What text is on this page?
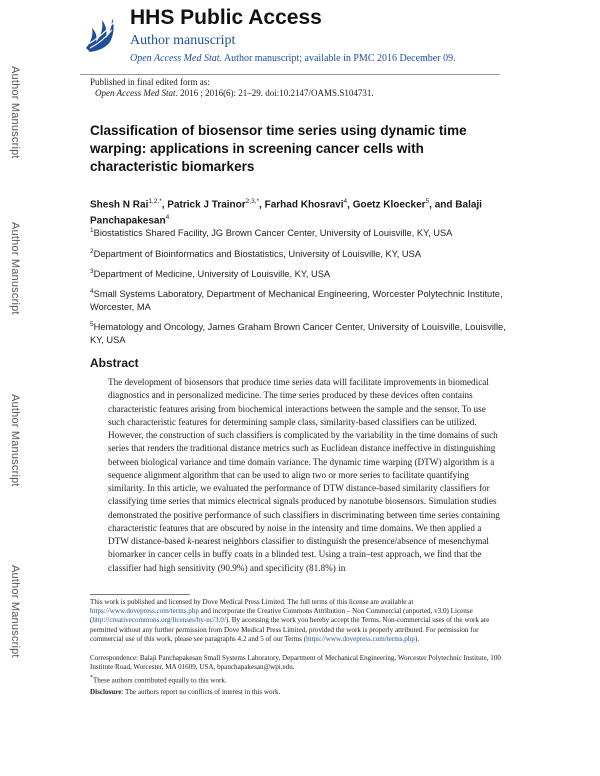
Author Manuscript
Author Manuscript
Author Manuscript
Author Manuscript
HHS Public Access
Author manuscript
Open Access Med Stat. Author manuscript; available in PMC 2016 December 09.
Published in final edited form as:
Open Access Med Stat. 2016 ; 2016(6): 21–29. doi:10.2147/OAMS.S104731.
Classification of biosensor time series using dynamic time warping: applications in screening cancer cells with characteristic biomarkers
Shesh N Rai$^{1,2,*}$, Patrick J Trainor$^{2,3,*}$, Farhad Khosravi$^4$, Goetz Kloecker$^5$, and Balaji Panchapakesan$^4$
$^1$Biostatistics Shared Facility, JG Brown Cancer Center, University of Louisville, KY, USA
$^2$Department of Bioinformatics and Biostatistics, University of Louisville, KY, USA
$^3$Department of Medicine, University of Louisville, KY, USA
$^4$Small Systems Laboratory, Department of Mechanical Engineering, Worcester Polytechnic Institute, Worcester, MA
$^5$Hematology and Oncology, James Graham Brown Cancer Center, University of Louisville, Louisville, KY, USA
Abstract
The development of biosensors that produce time series data will facilitate improvements in biomedical diagnostics and in personalized medicine. The time series produced by these devices often contains characteristic features arising from biochemical interactions between the sample and the sensor. To use such characteristic features for determining sample class, similarity-based classifiers can be utilized. However, the construction of such classifiers is complicated by the variability in the time domains of such series that renders the traditional distance metrics such as Euclidean distance ineffective in distinguishing between biological variance and time domain variance. The dynamic time warping (DTW) algorithm is a sequence alignment algorithm that can be used to align two or more series to facilitate quantifying similarity. In this article, we evaluated the performance of DTW distance-based similarity classifiers for classifying time series that mimics electrical signals produced by nanotube biosensors. Simulation studies demonstrated the positive performance of such classifiers in discriminating between time series containing characteristic features that are obscured by noise in the intensity and time domains. We then applied a DTW distance-based k-nearest neighbors classifier to distinguish the presence/absence of mesenchymal biomarker in cancer cells in buffy coats in a blinded test. Using a train–test approach, we find that the classifier had high sensitivity (90.9%) and specificity (81.8%) in
This work is published and licensed by Dove Medical Press Limited. The full terms of this license are available at https://www.dovepress.com/terms.php and incorporate the Creative Commons Attribution – Non Commercial (unported, v3.0) License (http://creativecommons.org/licenses/by-nc/3.0/). By accessing the work you hereby accept the Terms. Non-commercial uses of the work are permitted without any further permission from Dove Medical Press Limited, provided the work is properly attributed. For permission for commercial use of this work, please see paragraphs 4.2 and 5 of our Terms (https://www.dovepress.com/terms.php).
Correspondence: Balaji Panchapakesan Small Systems Laboratory, Department of Mechanical Engineering, Worcester Polytechnic Institute, 100 Institute Road, Worcester, MA 01609, USA, bpanchapakesan@wpi.edu.
*These authors contributed equally to this work.
Disclosure: The authors report no conflicts of interest in this work.
